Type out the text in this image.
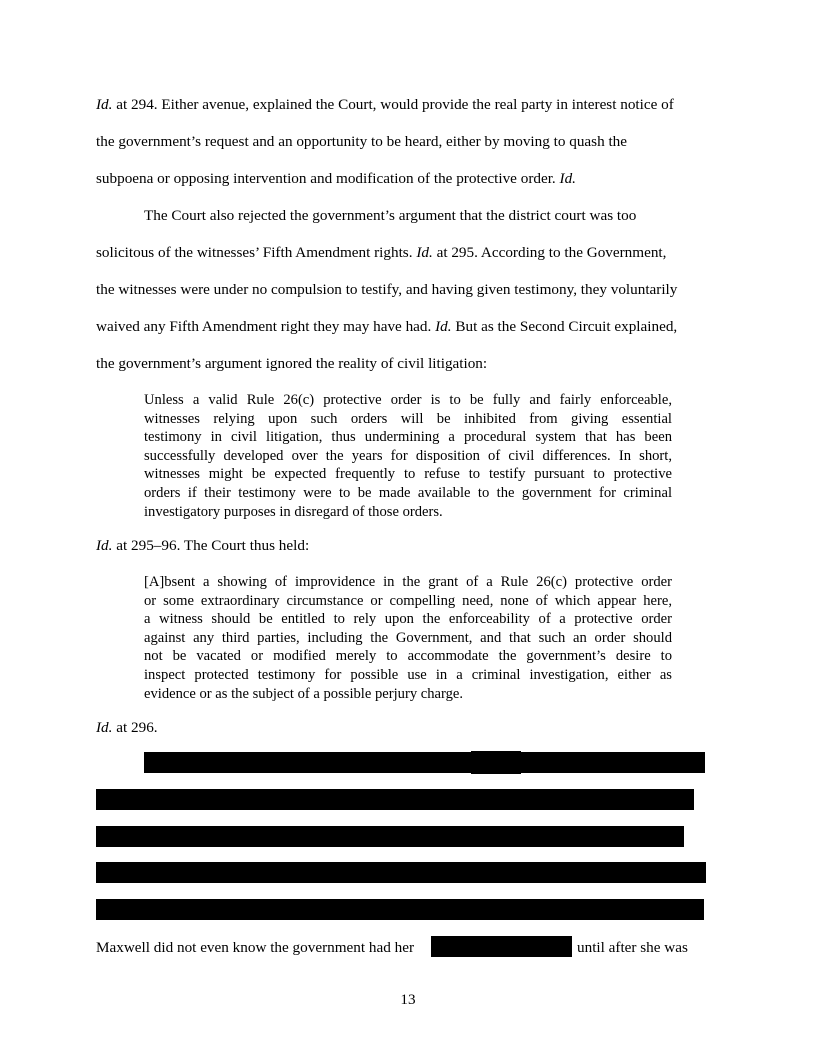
Id. at 294. Either avenue, explained the Court, would provide the real party in interest notice of
the government’s request and an opportunity to be heard, either by moving to quash the
subpoena or opposing intervention and modification of the protective order. Id.
The Court also rejected the government’s argument that the district court was too
solicitous of the witnesses’ Fifth Amendment rights. Id. at 295. According to the Government,
the witnesses were under no compulsion to testify, and having given testimony, they voluntarily
waived any Fifth Amendment right they may have had. Id. But as the Second Circuit explained,
the government’s argument ignored the reality of civil litigation:
Unless a valid Rule 26(c) protective order is to be fully and fairly enforceable,
witnesses relying upon such orders will be inhibited from giving essential
testimony in civil litigation, thus undermining a procedural system that has been
successfully developed over the years for disposition of civil differences. In short,
witnesses might be expected frequently to refuse to testify pursuant to protective
orders if their testimony were to be made available to the government for criminal
investigatory purposes in disregard of those orders.
Id. at 295–96. The Court thus held:
[A]bsent a showing of improvidence in the grant of a Rule 26(c) protective order
or some extraordinary circumstance or compelling need, none of which appear here,
a witness should be entitled to rely upon the enforceability of a protective order
against any third parties, including the Government, and that such an order should
not be vacated or modified merely to accommodate the government’s desire to
inspect protected testimony for possible use in a criminal investigation, either as
evidence or as the subject of a possible perjury charge.
Id. at 296.
Maxwell did not even know the government had her	until after she was
13
